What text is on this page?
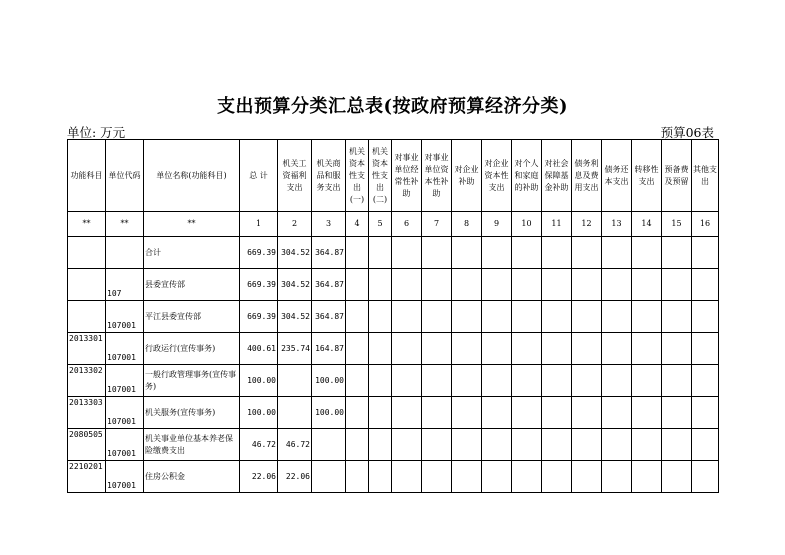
支出预算分类汇总表(按政府预算经济分类)
单位: 万元	预算06表
功能科目	单位代码	单位名称(功能科目)	总 计	机关工资福利支出	机关商品和服务支出	机关资本性支出(一)	机关资本性支出(二)	对事业单位经常性补助	对事业单位资本性补助	对企业补助	对企业资本性支出	对个人和家庭的补助	对社会保障基金补助	债务利息及费用支出	债务还本支出	转移性支出	预备费及预留	其他支出
**	**	**	1	2	3	4	5	6	7	8	9	10	11	12	13	14	15	16
		合计	669.39	304.52	364.87													
	107	县委宣传部	669.39	304.52	364.87													
	107001	平江县委宣传部	669.39	304.52	364.87													
2013301	107001	行政运行(宣传事务)	400.61	235.74	164.87													
2013302	107001	一般行政管理事务(宣传事务)	100.00		100.00													
2013303	107001	机关服务(宣传事务)	100.00		100.00													
2080505	107001	机关事业单位基本养老保险缴费支出	46.72	46.72														
2210201	107001	住房公积金	22.06	22.06														
